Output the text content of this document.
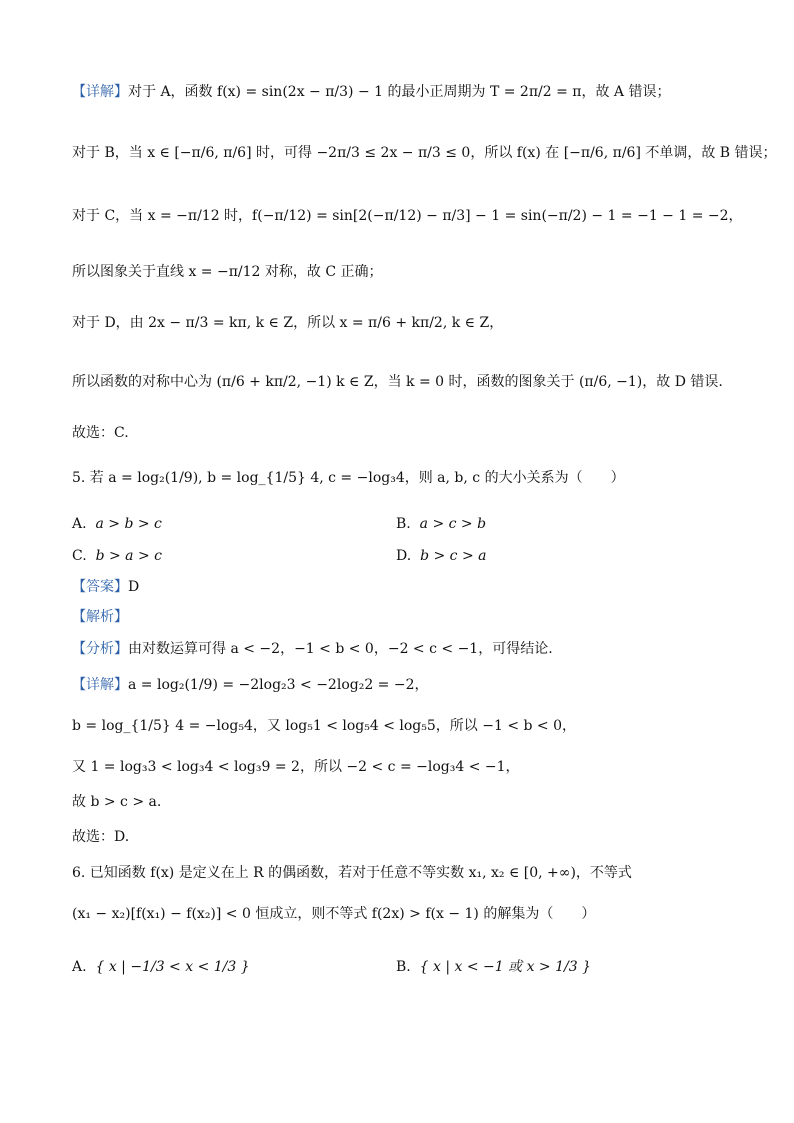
【详解】对于 A，函数 f(x) = sin(2x − π/3) − 1 的最小正周期为 T = 2π/2 = π，故 A 错误；
对于 B，当 x ∈ [−π/6, π/6] 时，可得 −2π/3 ≤ 2x − π/3 ≤ 0，所以 f(x) 在 [−π/6, π/6] 不单调，故 B 错误；
对于 C，当 x = −π/12 时，f(−π/12) = sin[2(−π/12) − π/3] − 1 = sin(−π/2) − 1 = −1 − 1 = −2，
所以图象关于直线 x = −π/12 对称，故 C 正确；
对于 D，由 2x − π/3 = kπ, k ∈ Z，所以 x = π/6 + kπ/2, k ∈ Z，
所以函数的对称中心为 (π/6 + kπ/2, −1) k ∈ Z，当 k = 0 时，函数的图象关于 (π/6, −1)，故 D 错误.
故选：C.
5. 若 a = log₂(1/9), b = log_{1/5} 4, c = −log₃4，则 a, b, c 的大小关系为（　　）
A. a > b > c	B. a > c > b
C. b > a > c	D. b > c > a
【答案】D
【解析】
【分析】由对数运算可得 a < −2，−1 < b < 0，−2 < c < −1，可得结论.
【详解】a = log₂(1/9) = −2log₂3 < −2log₂2 = −2，
b = log_{1/5} 4 = −log₅4，又 log₅1 < log₅4 < log₅5，所以 −1 < b < 0，
又 1 = log₃3 < log₃4 < log₃9 = 2，所以 −2 < c = −log₃4 < −1，
故 b > c > a.
故选：D.
6. 已知函数 f(x) 是定义在上 R 的偶函数，若对于任意不等实数 x₁, x₂ ∈ [0, +∞)，不等式
(x₁ − x₂)[f(x₁) − f(x₂)] < 0 恒成立，则不等式 f(2x) > f(x − 1) 的解集为（　　）
A. { x | −1/3 < x < 1/3 }	B. { x | x < −1 或 x > 1/3 }
